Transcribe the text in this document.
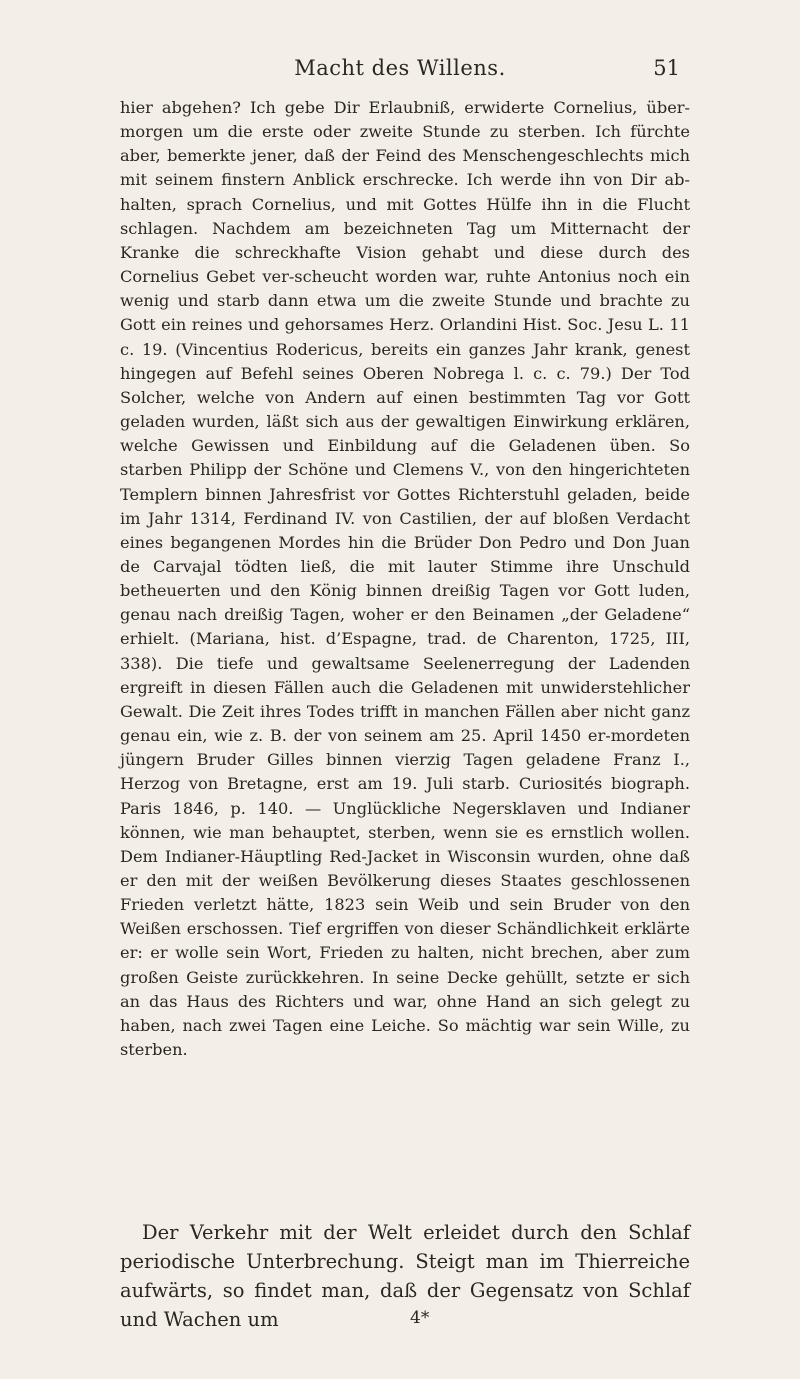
Macht des Willens.	51

hier abgehen? Ich gebe Dir Erlaubniß, erwiderte Cornelius, über-morgen um die erste oder zweite Stunde zu sterben. Ich fürchte aber, bemerkte jener, daß der Feind des Menschengeschlechts mich mit seinem finstern Anblick erschrecke. Ich werde ihn von Dir ab-halten, sprach Cornelius, und mit Gottes Hülfe ihn in die Flucht schlagen. Nachdem am bezeichneten Tag um Mitternacht der Kranke die schreckhafte Vision gehabt und diese durch des Cornelius Gebet ver-scheucht worden war, ruhte Antonius noch ein wenig und starb dann etwa um die zweite Stunde und brachte zu Gott ein reines und gehorsames Herz. Orlandini Hist. Soc. Jesu L. 11 c. 19. (Vincentius Rodericus, bereits ein ganzes Jahr krank, genest hingegen auf Befehl seines Oberen Nobrega l. c. c. 79.) Der Tod Solcher, welche von Andern auf einen bestimmten Tag vor Gott geladen wurden, läßt sich aus der gewaltigen Einwirkung erklären, welche Gewissen und Einbildung auf die Geladenen üben. So starben Philipp der Schöne und Clemens V., von den hingerichteten Templern binnen Jahresfrist vor Gottes Richterstuhl geladen, beide im Jahr 1314, Ferdinand IV. von Castilien, der auf bloßen Verdacht eines begangenen Mordes hin die Brüder Don Pedro und Don Juan de Carvajal tödten ließ, die mit lauter Stimme ihre Unschuld betheuerten und den König binnen dreißig Tagen vor Gott luden, genau nach dreißig Tagen, woher er den Beinamen „der Geladene“ erhielt. (Mariana, hist. d’Espagne, trad. de Charenton, 1725, III, 338). Die tiefe und gewaltsame Seelenerregung der Ladenden ergreift in diesen Fällen auch die Geladenen mit unwiderstehlicher Gewalt. Die Zeit ihres Todes trifft in manchen Fällen aber nicht ganz genau ein, wie z. B. der von seinem am 25. April 1450 er-mordeten jüngern Bruder Gilles binnen vierzig Tagen geladene Franz I., Herzog von Bretagne, erst am 19. Juli starb. Curiosités biograph. Paris 1846, p. 140. — Unglückliche Negersklaven und Indianer können, wie man behauptet, sterben, wenn sie es ernstlich wollen. Dem Indianer-Häuptling Red-Jacket in Wisconsin wurden, ohne daß er den mit der weißen Bevölkerung dieses Staates geschlossenen Frieden verletzt hätte, 1823 sein Weib und sein Bruder von den Weißen erschossen. Tief ergriffen von dieser Schändlichkeit erklärte er: er wolle sein Wort, Frieden zu halten, nicht brechen, aber zum großen Geiste zurückkehren. In seine Decke gehüllt, setzte er sich an das Haus des Richters und war, ohne Hand an sich gelegt zu haben, nach zwei Tagen eine Leiche. So mächtig war sein Wille, zu sterben.

Der Verkehr mit der Welt erleidet durch den Schlaf periodische Unterbrechung. Steigt man im Thierreiche aufwärts, so findet man, daß der Gegensatz von Schlaf und Wachen um	4*
